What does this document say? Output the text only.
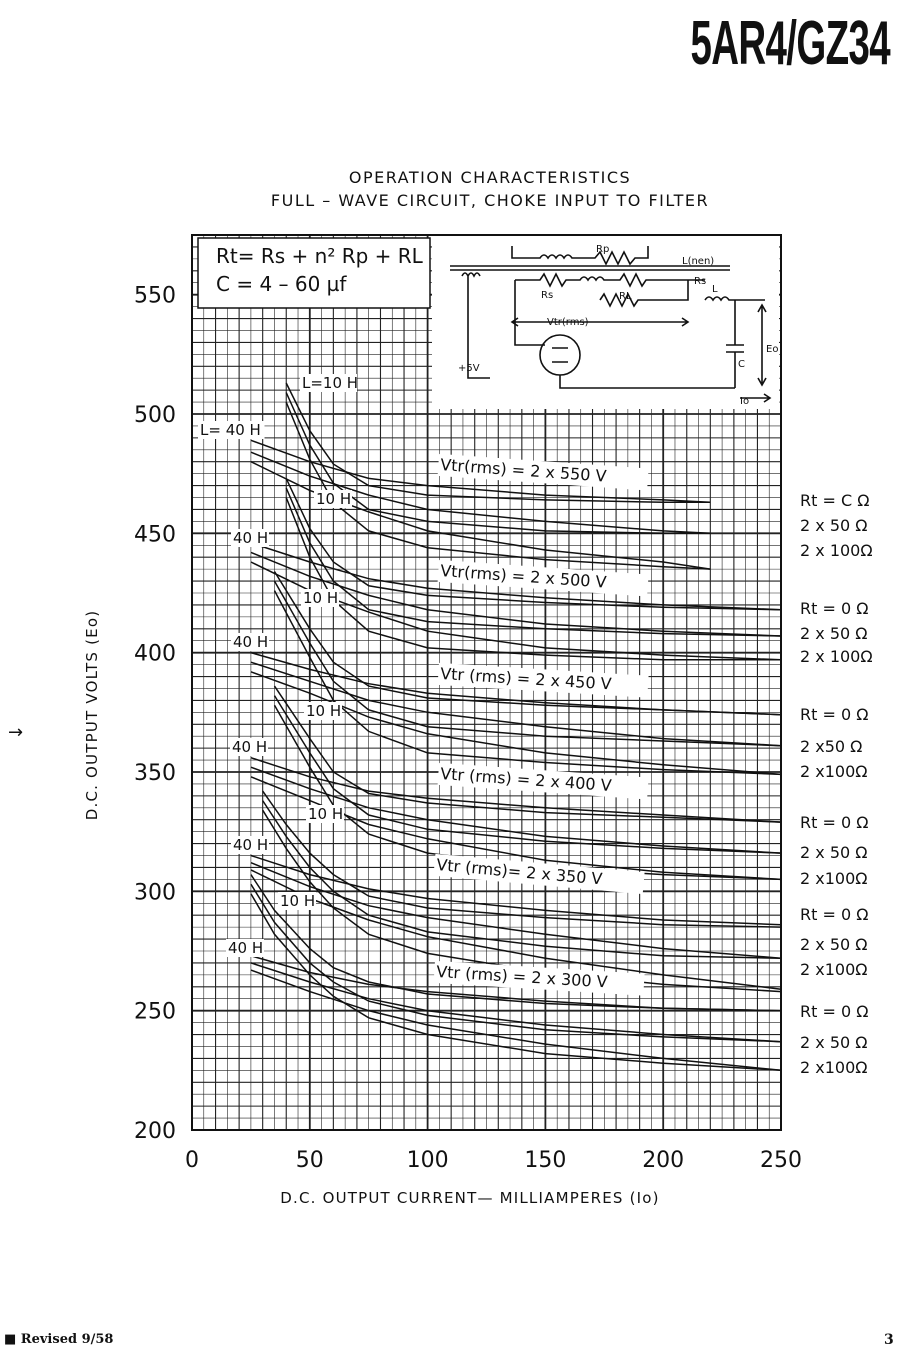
5AR4/GZ34
OPERATION CHARACTERISTICS
FULL – WAVE CIRCUIT, CHOKE INPUT TO FILTER
Rt= Rs + n² Rp + RL
C = 4 – 60 µf
Rp
L(nen)
Rs
Rs	RL
L
Vtr(rms)
+5V	C
Eo
Io
Vtr(rms) = 2 x 550 V
L=10 H
L= 40 H
Rt = C Ω
2 x 50 Ω
2 x 100Ω
Vtr(rms) = 2 x 500 V
10 H
40 H
Rt = 0 Ω
2 x 50 Ω
2 x 100Ω
Vtr (rms) = 2 x 450 V
10 H
40 H
Rt = 0 Ω
2 x50 Ω
2 x100Ω
Vtr (rms) = 2 x 400 V
10 H
40 H
Rt = 0 Ω
2 x 50 Ω
2 x100Ω
Vtr (rms)= 2 x 350 V
10 H
40 H
Rt = 0 Ω
2 x 50 Ω
2 x100Ω
Vtr (rms) = 2 x 300 V
10 H
40 H
Rt = 0 Ω
2 x 50 Ω
2 x100Ω
0	50	100	150	200	250
200
250
300
350
400
450
500
550
D.C. OUTPUT CURRENT— MILLIAMPERES (Io)
D.C. OUTPUT VOLTS (Eo)
→
■ Revised 9/58	3
